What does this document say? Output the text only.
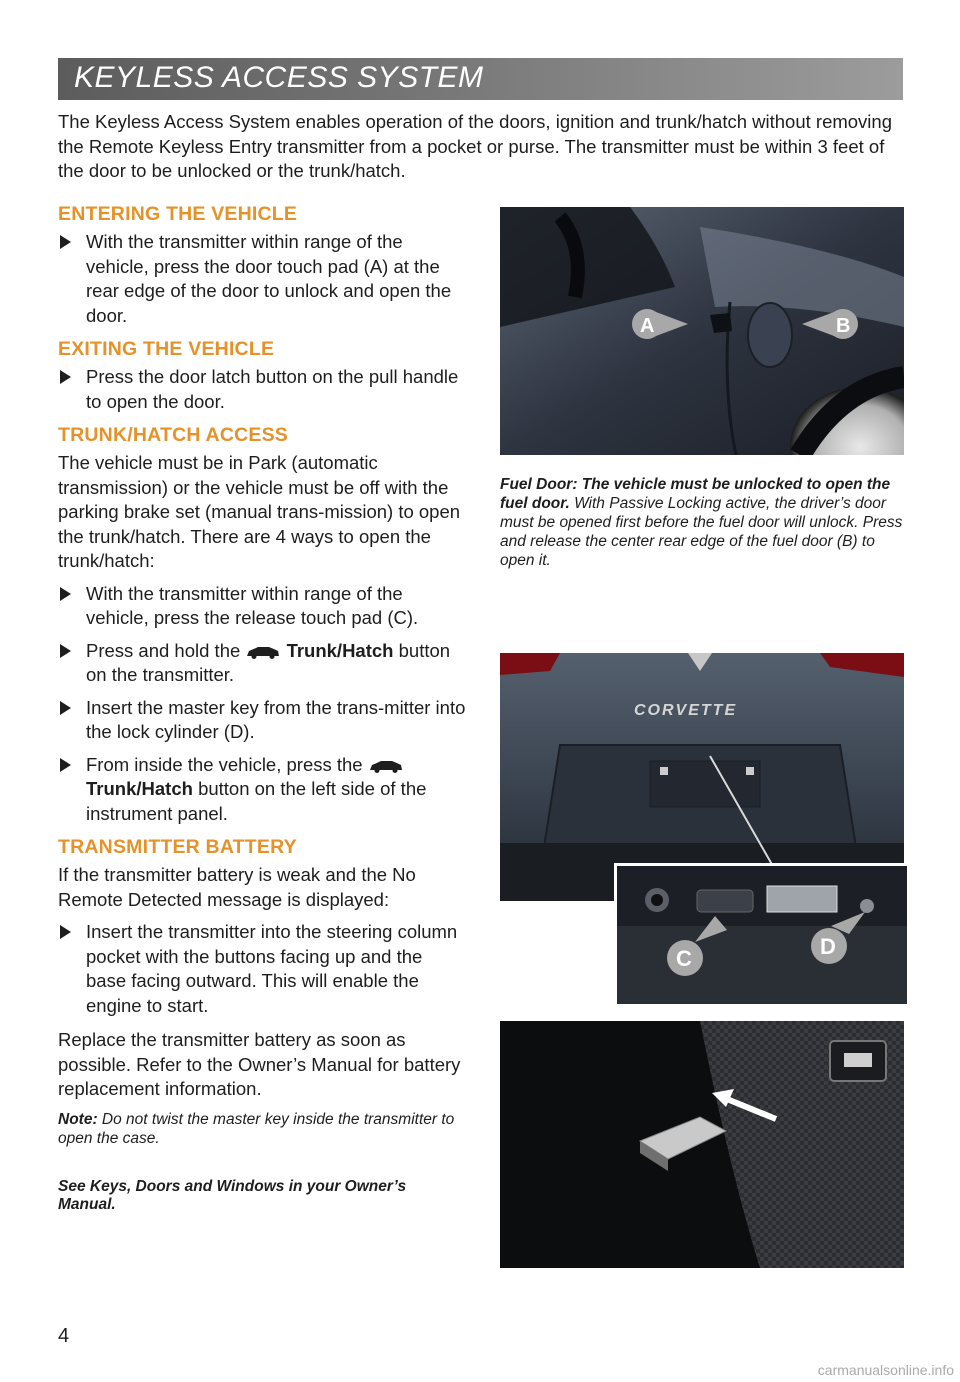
KEYLESS ACCESS SYSTEM

The Keyless Access System enables operation of the doors, ignition and trunk/hatch without removing the Remote Keyless Entry transmitter from a pocket or purse. The transmitter must be within 3 feet of the door to be unlocked or the trunk/hatch.

ENTERING THE VEHICLE
With the transmitter within range of the vehicle, press the door touch pad (A) at the rear edge of the door to unlock and open the door.
EXITING THE VEHICLE
Press the door latch button on the pull handle to open the door.
TRUNK/HATCH ACCESS

The vehicle must be in Park (automatic transmission) or the vehicle must be off with the parking brake set (manual trans-mission) to open the trunk/hatch. There are 4 ways to open the trunk/hatch:

With the transmitter within range of the vehicle, press the release touch pad (C).
Press and hold the	Trunk/Hatch button on the transmitter.
Insert the master key from the trans-mitter into the lock cylinder (D).
From inside the vehicle, press the  Trunk/Hatch button on the left side of the instrument panel.
TRANSMITTER BATTERY

If the transmitter battery is weak and the No Remote Detected message is displayed:

Insert the transmitter into the steering column pocket with the buttons facing up and the base facing outward. This will enable the engine to start.

Replace the transmitter battery as soon as possible. Refer to the Owner’s Manual for battery replacement information.

Note: Do not twist the master key inside the transmitter to open the case.

See Keys, Doors and Windows in your Owner’s Manual.

A	B

Fuel Door: The vehicle must be unlocked to open the fuel door. With Passive Locking active, the driver’s door must be opened first before the fuel door will unlock. Press and release the center rear edge of the fuel door (B) to open it.

CORVETTE
C	D
4
carmanualsonline.info
